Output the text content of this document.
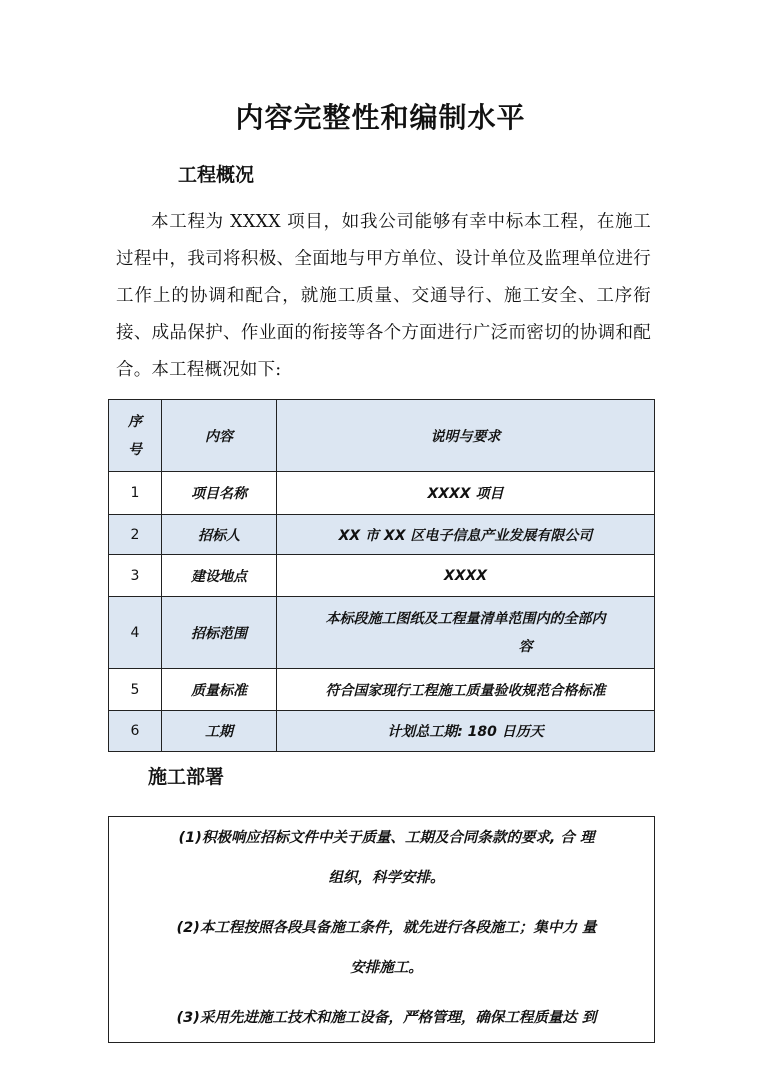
内容完整性和编制水平
工程概况
本工程为 XXXX 项目，如我公司能够有幸中标本工程，在施工过程中，我司将积极、全面地与甲方单位、设计单位及监理单位进行工作上的协调和配合，就施工质量、交通导行、施工安全、工序衔接、成品保护、作业面的衔接等各个方面进行广泛而密切的协调和配合。本工程概况如下:
序
号	内容	说明与要求
1	项目名称	XXXX 项目
2	招标人	XX 市 XX 区电子信息产业发展有限公司
3	建设地点	XXXX
4	招标范围	本标段施工图纸及工程量清单范围内的全部内
容

5	质量标准	符合国家现行工程施工质量验收规范合格标准
6	工期	计划总工期: 180 日历天
施工部署

(1)积极响应招标文件中关于质量、工期及合同条款的要求, 合 理

组织，科学安排。

(2)本工程按照各段具备施工条件，就先进行各段施工；集中力 量

安排施工。

(3)采用先进施工技术和施工设备，严格管理，确保工程质量达 到
